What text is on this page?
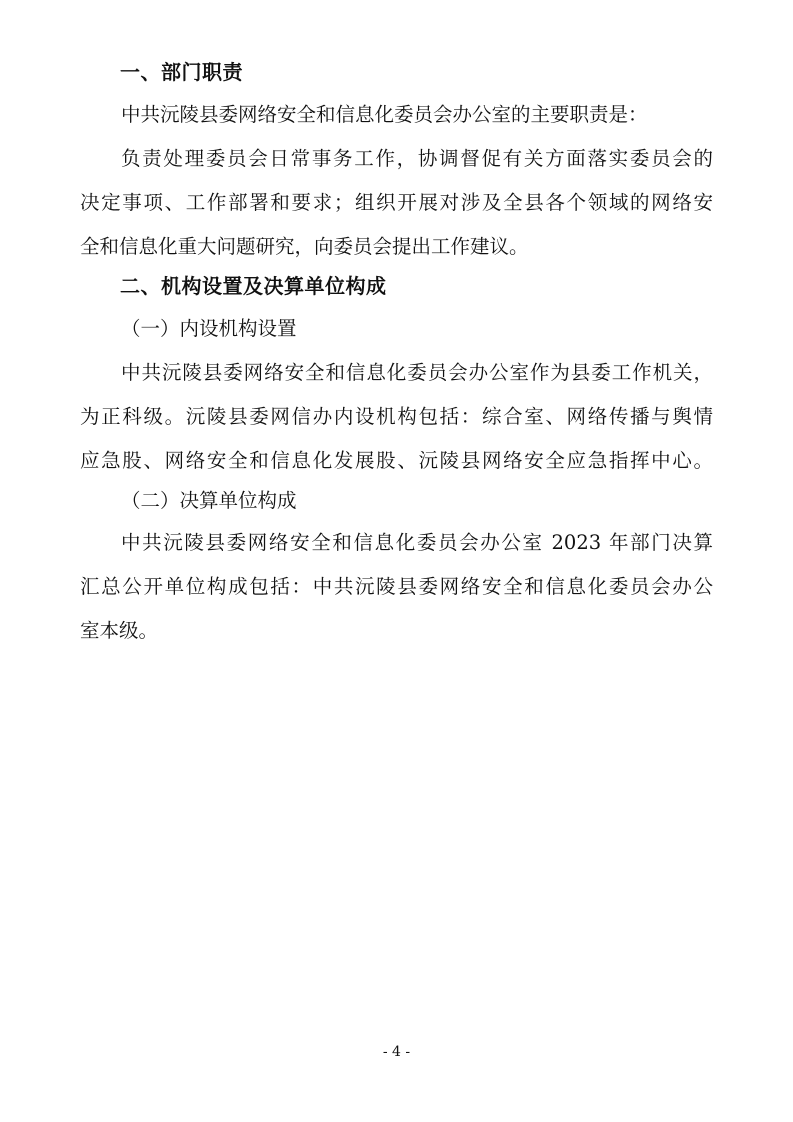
一、部门职责
中共沅陵县委网络安全和信息化委员会办公室的主要职责是：
负责处理委员会日常事务工作，协调督促有关方面落实委员会的
决定事项、工作部署和要求；组织开展对涉及全县各个领域的网络安
全和信息化重大问题研究，向委员会提出工作建议。
二、机构设置及决算单位构成
（一）内设机构设置
中共沅陵县委网络安全和信息化委员会办公室作为县委工作机关，
为正科级。沅陵县委网信办内设机构包括：综合室、网络传播与舆情
应急股、网络安全和信息化发展股、沅陵县网络安全应急指挥中心。
（二）决算单位构成
中共沅陵县委网络安全和信息化委员会办公室 2023 年部门决算
汇总公开单位构成包括：中共沅陵县委网络安全和信息化委员会办公
室本级。
- 4 -
